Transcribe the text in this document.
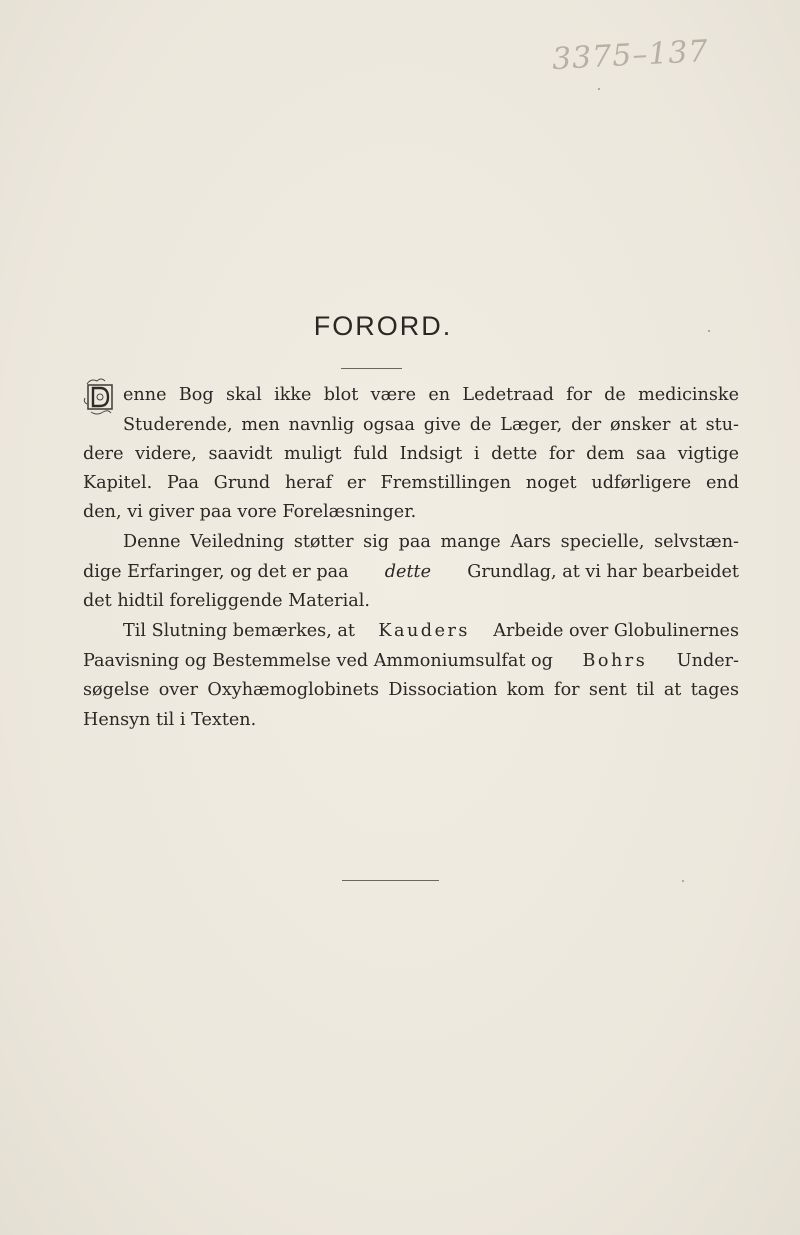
3375–137
FORORD.
enne Bog skal ikke blot være en Ledetraad for de medicinske
Studerende, men navnlig ogsaa give de Læger, der ønsker at stu-
dere videre, saavidt muligt fuld Indsigt i dette for dem saa vigtige
Kapitel. Paa Grund heraf er Fremstillingen noget udførligere end
den, vi giver paa vore Forelæsninger.
Denne Veiledning støtter sig paa mange Aars specielle, selvstæn-
dige Erfaringer, og det er paa dette Grundlag, at vi har bearbeidet
det hidtil foreliggende Material.
Til Slutning bemærkes, at Kauders Arbeide over Globulinernes
Paavisning og Bestemmelse ved Ammoniumsulfat og Bohrs Under-
søgelse over Oxyhæmoglobinets Dissociation kom for sent til at tages
Hensyn til i Texten.
